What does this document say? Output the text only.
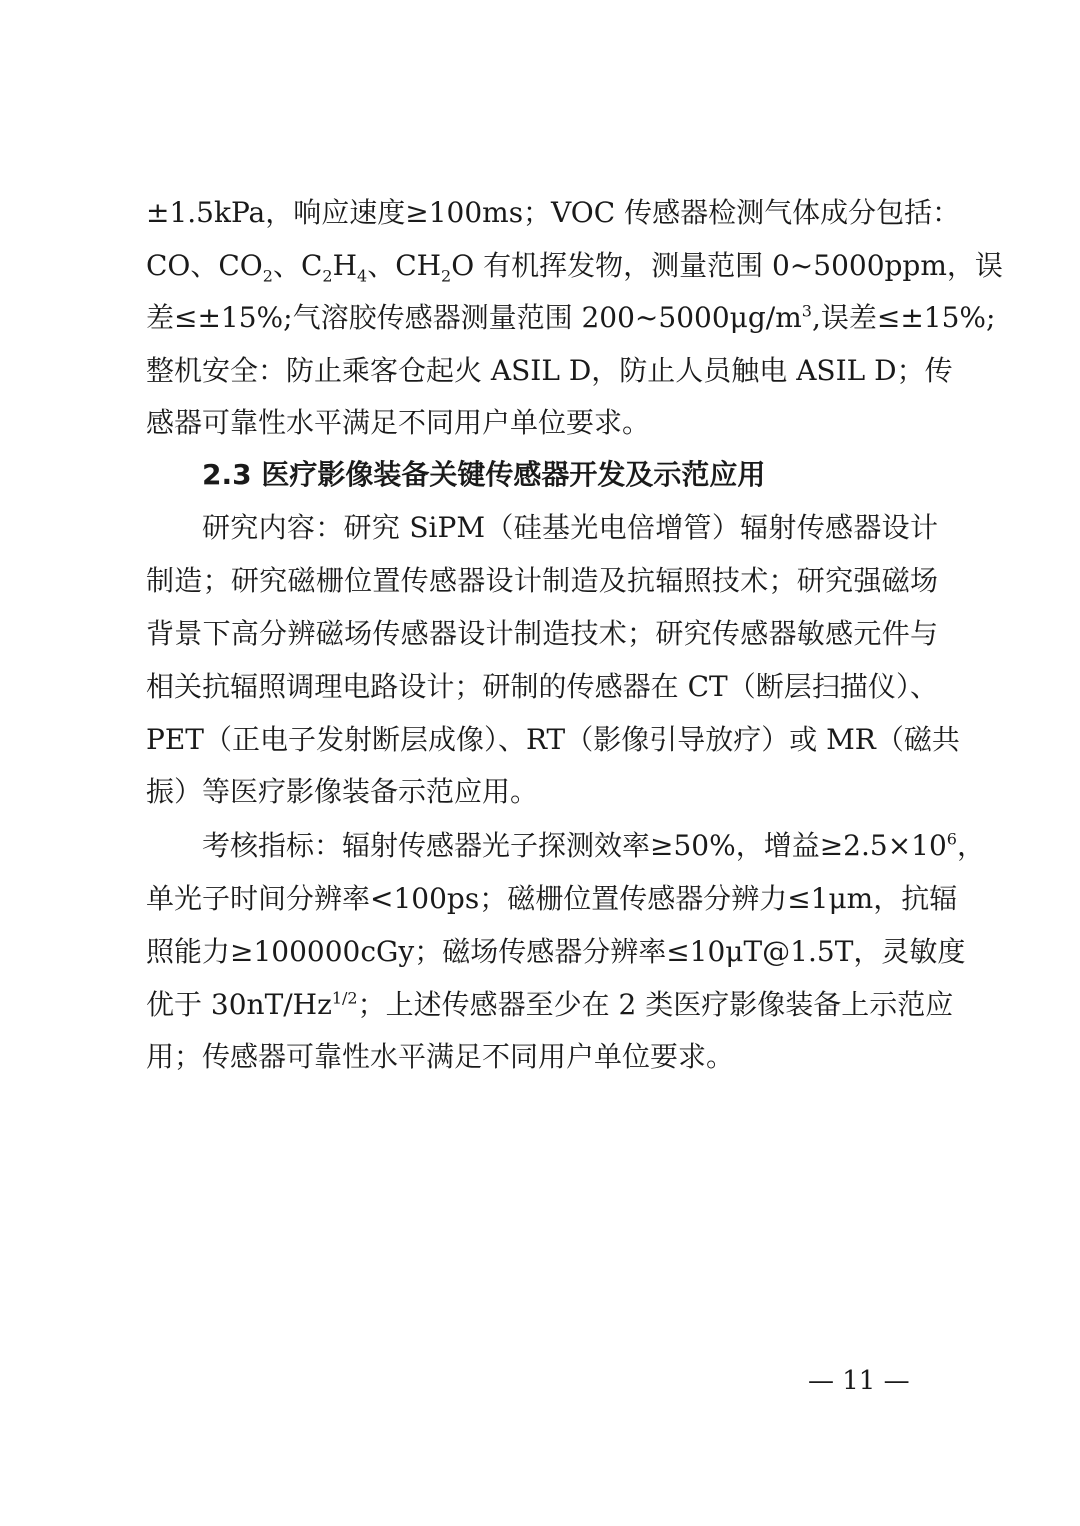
±1.5kPa，响应速度≥100ms；VOC 传感器检测气体成分包括：
CO、$CO_2$、$C_2H_4$、$CH_2O$ 有机挥发物，测量范围 0~5000ppm，误
差≤±15%;气溶胶传感器测量范围 $200\sim 5000\mu g/m^3$,误差≤±15%;
整机安全：防止乘客仓起火 ASIL D，防止人员触电 ASIL D；传
感器可靠性水平满足不同用户单位要求。
2.3 医疗影像装备关键传感器开发及示范应用
研究内容：研究 SiPM（硅基光电倍增管）辐射传感器设计
制造；研究磁栅位置传感器设计制造及抗辐照技术；研究强磁场
背景下高分辨磁场传感器设计制造技术；研究传感器敏感元件与
相关抗辐照调理电路设计；研制的传感器在 CT（断层扫描仪）、
PET（正电子发射断层成像）、RT（影像引导放疗）或 MR（磁共
振）等医疗影像装备示范应用。
考核指标：辐射传感器光子探测效率≥50%，增益$\ge 2.5\times 10^6$，
单光子时间分辨率<100ps；磁栅位置传感器分辨力≤1μm，抗辐
照能力≥100000cGy；磁场传感器分辨率≤10μT@1.5T，灵敏度
优于 $30nT/Hz^{1/2}$；上述传感器至少在 2 类医疗影像装备上示范应
用；传感器可靠性水平满足不同用户单位要求。
— 11 —
